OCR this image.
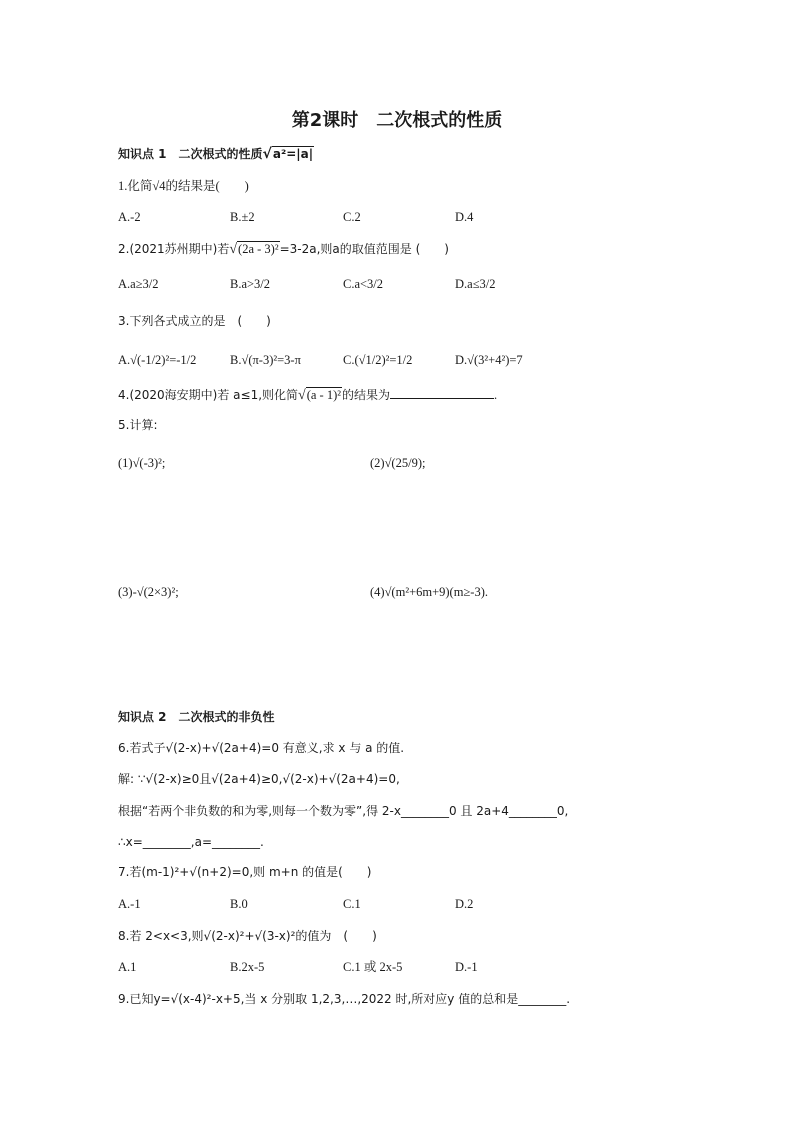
第2课时　二次根式的性质
知识点 1　二次根式的性质√a²=|a|
1.化简√4的结果是(　　)
A.-2	B.±2	C.2	D.4
2.(2021苏州期中)若√(2a - 3)²=3-2a,则a的取值范围是 (　　)
A.a≥3/2	B.a>3/2	C.a<3/2	D.a≤3/2
3.下列各式成立的是　(　　)
A.√(-1/2)²=-1/2	B.√(π-3)²=3-π	C.(√1/2)²=1/2	D.√(3²+4²)=7
4.(2020海安期中)若 a≤1,则化简√(a - 1)²的结果为	.
5.计算:
(1)√(-3)²;	(2)√(25/9);
(3)-√(2×3)²;	(4)√(m²+6m+9)(m≥-3).
知识点 2　二次根式的非负性
6.若式子√(2-x)+√(2a+4)=0 有意义,求 x 与 a 的值.
解: ∵√(2-x)≥0且√(2a+4)≥0,√(2-x)+√(2a+4)=0,
根据“若两个非负数的和为零,则每一个数为零”,得 2-x________0 且 2a+4________0,
∴x=________,a=________.
7.若(m-1)²+√(n+2)=0,则 m+n 的值是(　　)
A.-1	B.0	C.1	D.2
8.若 2<x<3,则√(2-x)²+√(3-x)²的值为　(　　)
A.1	B.2x-5	C.1 或 2x-5	D.-1
9.已知y=√(x-4)²-x+5,当 x 分别取 1,2,3,…,2022 时,所对应y 值的总和是________.
